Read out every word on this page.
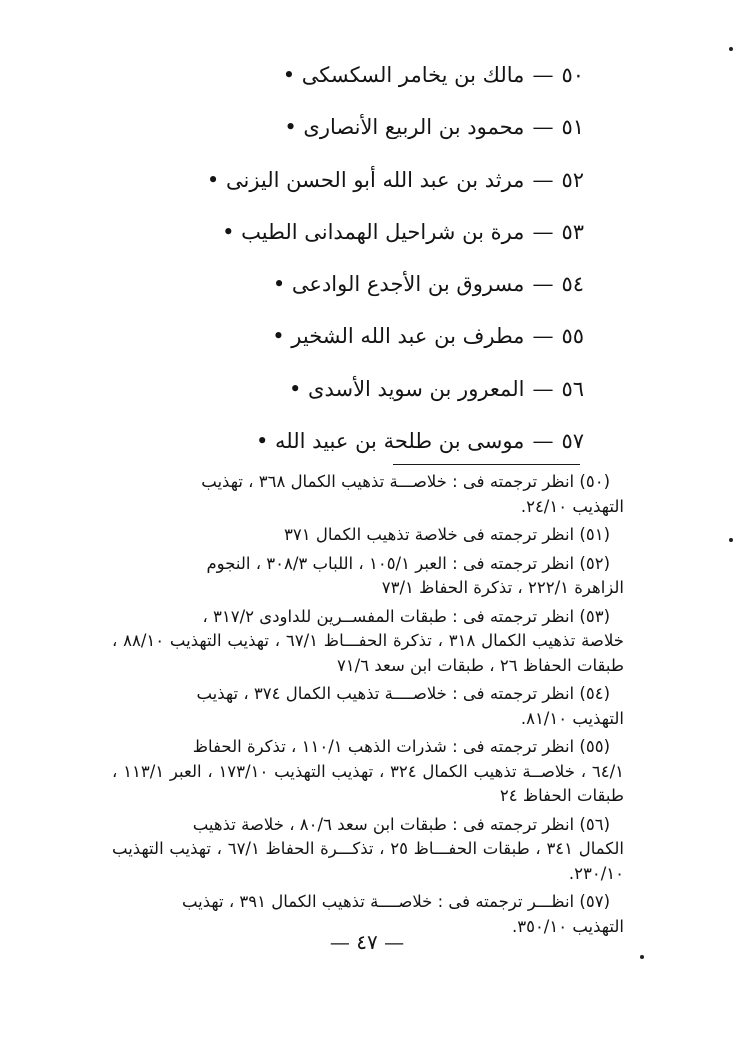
٥٠—مالك بن يخامر السكسكى •
٥١—محمود بن الربيع الأنصارى •
٥٢—مرثد بن عبد الله أبو الحسن اليزنى •
٥٣—مرة بن شراحيل الهمدانى الطيب •
٥٤—مسروق بن الأجدع الوادعى •
٥٥—مطرف بن عبد الله الشخير •
٥٦—المعرور بن سويد الأسدى •
٥٧—موسى بن طلحة بن عبيد الله •
(٥٠) انظر ترجمته فى : خلاصـــة تذهيب الكمال ٣٦٨ ، تهذيب
التهذيب ٢٤/١٠.
(٥١) انظر ترجمته فى خلاصة تذهيب الكمال ٣٧١
(٥٢) انظر ترجمته فى : العبر ١٠٥/١ ، اللباب ٣٠٨/٣ ، النجوم
الزاهرة ٢٢٢/١ ، تذكرة الحفاظ ٧٣/١
(٥٣) انظر ترجمته فى : طبقات المفســرين للداودى ٣١٧/٢ ،
خلاصة تذهيب الكمال ٣١٨ ، تذكرة الحفـــاظ ٦٧/١ ، تهذيب التهذيب ٨٨/١٠ ، طبقات الحفاظ ٢٦ ، طبقات ابن سعد ٧١/٦
(٥٤) انظر ترجمته فى : خلاصــــة تذهيب الكمال ٣٧٤ ، تهذيب
التهذيب ٨١/١٠.
(٥٥) انظر ترجمته فى : شذرات الذهب ١١٠/١ ، تذكرة الحفاظ
٦٤/١ ، خلاصــة تذهيب الكمال ٣٢٤ ، تهذيب التهذيب ١٧٣/١٠ ، العبر ١١٣/١ ، طبقات الحفاظ ٢٤
(٥٦) انظر ترجمته فى : طبقات ابن سعد ٨٠/٦ ، خلاصة تذهيب
الكمال ٣٤١ ، طبقات الحفـــاظ ٢٥ ، تذكـــرة الحفاظ ٦٧/١ ، تهذيب التهذيب ٢٣٠/١٠.
(٥٧) انظـــر ترجمته فى : خلاصــــة تذهيب الكمال ٣٩١ ، تهذيب
التهذيب ٣٥٠/١٠.
— ٤٧ —
